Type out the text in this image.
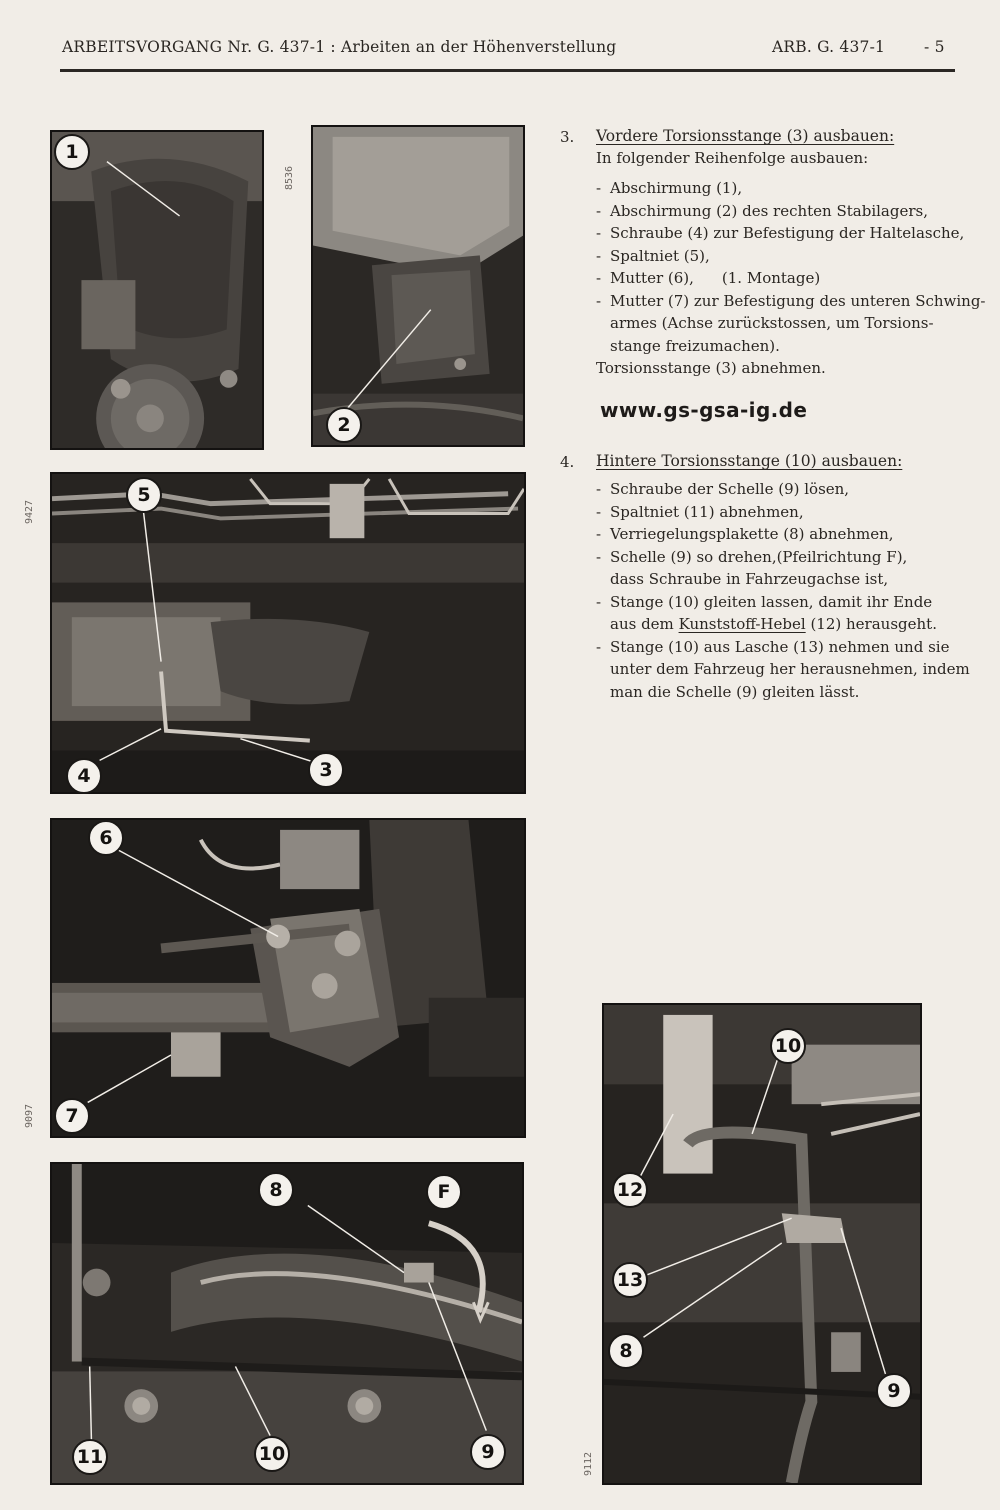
ARBEITSVORGANG Nr. G. 437-1 : Arbeiten an der Höhenverstellung	ARB. G. 437-1	- 5
1
2
8536
5
4	3
9427
6
7
9097
8	F
11	10	9
10
12
13
8
9
9112
3. Vordere Torsionsstange (3) ausbauen:
In folgender Reihenfolge ausbauen:
- Abschirmung (1),
- Abschirmung (2) des rechten Stabilagers,
- Schraube (4) zur Befestigung der Haltelasche,
- Spaltniet (5),
- Mutter (6), (1. Montage)
- Mutter (7) zur Befestigung des unteren Schwing-
armes (Achse zurückstossen, um Torsions-
stange freizumachen).
Torsionsstange (3) abnehmen.
www.gs-gsa-ig.de
4. Hintere Torsionsstange (10) ausbauen:
- Schraube der Schelle (9) lösen,
- Spaltniet (11) abnehmen,
- Verriegelungsplakette (8) abnehmen,
- Schelle (9) so drehen,(Pfeilrichtung F),
dass Schraube in Fahrzeugachse ist,
- Stange (10) gleiten lassen, damit ihr Ende
aus dem Kunststoff-Hebel (12) herausgeht.
- Stange (10) aus Lasche (13) nehmen und sie
unter dem Fahrzeug her herausnehmen, indem
man die Schelle (9) gleiten lässt.
